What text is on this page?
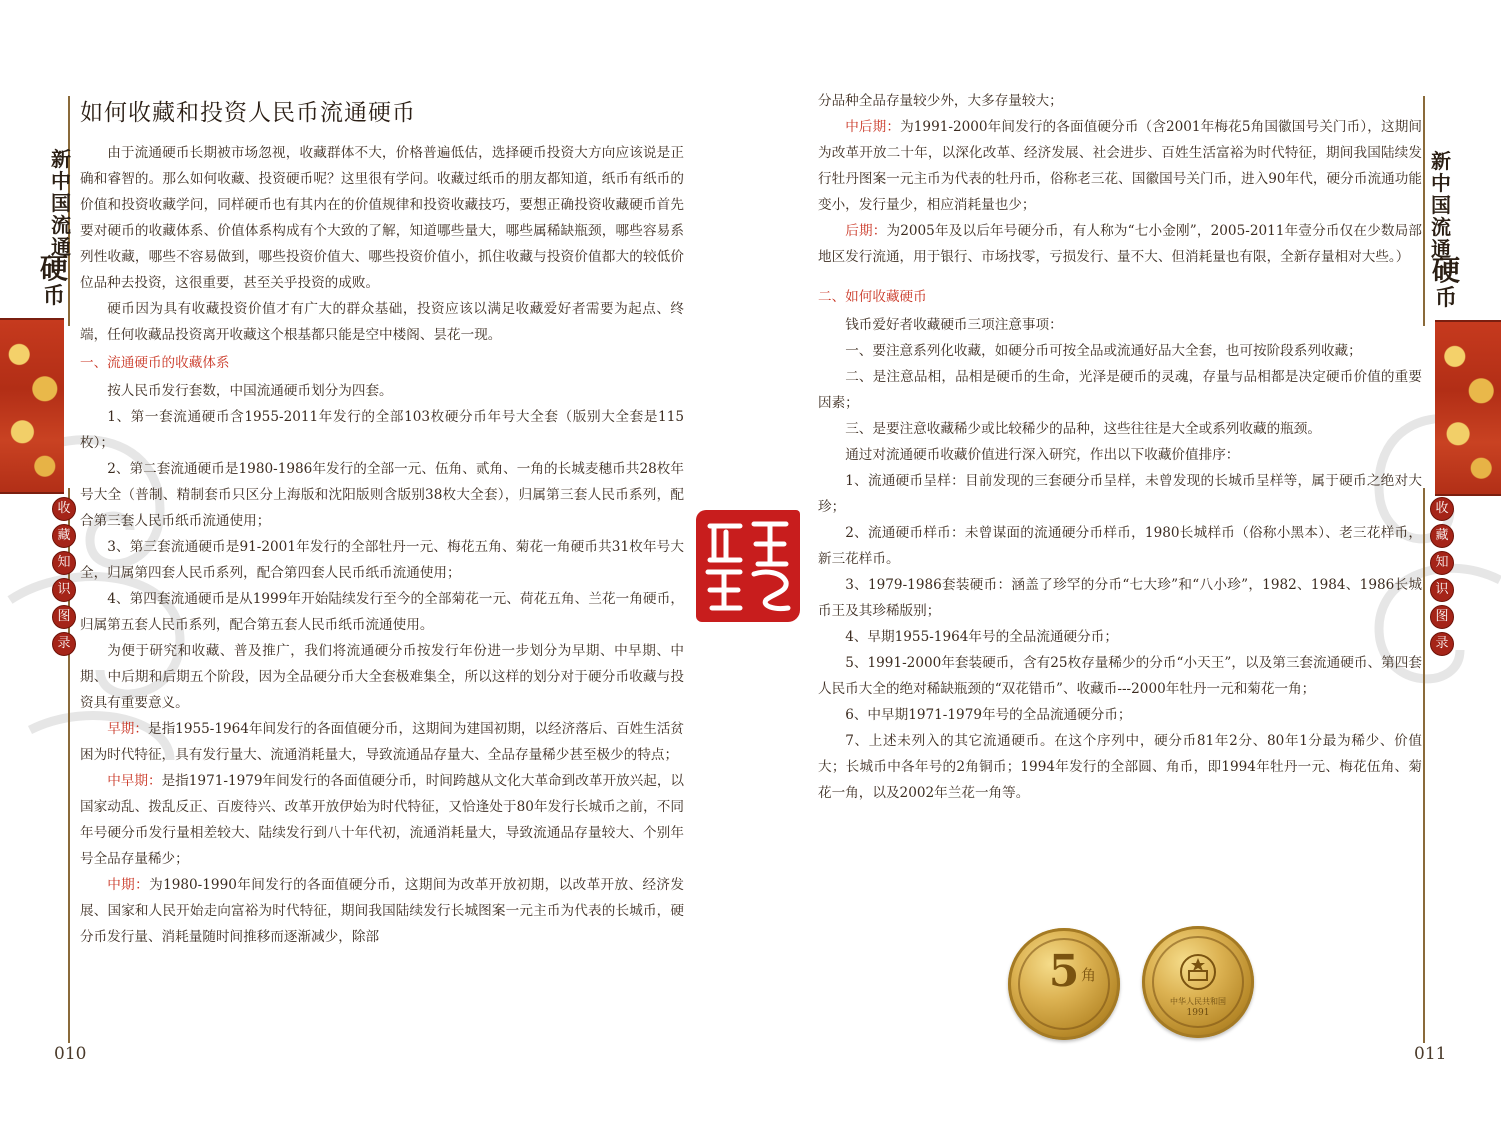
新
中
国
流
通
硬
币
收
藏
知
识
图
录
如何收藏和投资人民币流通硬币

由于流通硬币长期被市场忽视，收藏群体不大，价格普遍低估，选择硬币投资大方向应该说是正确和睿智的。那么如何收藏、投资硬币呢？这里很有学问。收藏过纸币的朋友都知道，纸币有纸币的价值和投资收藏学问，同样硬币也有其内在的价值规律和投资收藏技巧，要想正确投资收藏硬币首先要对硬币的收藏体系、价值体系构成有个大致的了解，知道哪些量大，哪些属稀缺瓶颈，哪些容易系列性收藏，哪些不容易做到，哪些投资价值大、哪些投资价值小，抓住收藏与投资价值都大的较低价位品种去投资，这很重要，甚至关乎投资的成败。

硬币因为具有收藏投资价值才有广大的群众基础，投资应该以满足收藏爱好者需要为起点、终端，任何收藏品投资离开收藏这个根基都只能是空中楼阁、昙花一现。

一、流通硬币的收藏体系

按人民币发行套数，中国流通硬币划分为四套。

1、第一套流通硬币含1955-2011年发行的全部103枚硬分币年号大全套（版别大全套是115枚）；

2、第二套流通硬币是1980-1986年发行的全部一元、伍角、贰角、一角的长城麦穗币共28枚年号大全（普制、精制套币只区分上海版和沈阳版则含版别38枚大全套），归属第三套人民币系列，配合第三套人民币纸币流通使用；

3、第三套流通硬币是91-2001年发行的全部牡丹一元、梅花五角、菊花一角硬币共31枚年号大全，归属第四套人民币系列，配合第四套人民币纸币流通使用；

4、第四套流通硬币是从1999年开始陆续发行至今的全部菊花一元、荷花五角、兰花一角硬币，归属第五套人民币系列，配合第五套人民币纸币流通使用。

为便于研究和收藏、普及推广，我们将流通硬分币按发行年份进一步划分为早期、中早期、中期、中后期和后期五个阶段，因为全品硬分币大全套极难集全，所以这样的划分对于硬分币收藏与投资具有重要意义。

早期：是指1955-1964年间发行的各面值硬分币，这期间为建国初期，以经济落后、百姓生活贫困为时代特征，具有发行量大、流通消耗量大，导致流通品存量大、全品存量稀少甚至极少的特点；

中早期：是指1971-1979年间发行的各面值硬分币，时间跨越从文化大革命到改革开放兴起，以国家动乱、拨乱反正、百废待兴、改革开放伊始为时代特征，又恰逢处于80年发行长城币之前，不同年号硬分币发行量相差较大、陆续发行到八十年代初，流通消耗量大，导致流通品存量较大、个别年号全品存量稀少；

中期：为1980-1990年间发行的各面值硬分币，这期间为改革开放初期，以改革开放、经济发展、国家和人民开始走向富裕为时代特征，期间我国陆续发行长城图案一元主币为代表的长城币，硬分币发行量、消耗量随时间推移而逐渐减少，除部

010

分品种全品存量较少外，大多存量较大；

中后期：为1991-2000年间发行的各面值硬分币（含2001年梅花5角国徽国号关门币），这期间为改革开放二十年，以深化改革、经济发展、社会进步、百姓生活富裕为时代特征，期间我国陆续发行牡丹图案一元主币为代表的牡丹币，俗称老三花、国徽国号关门币，进入90年代，硬分币流通功能变小，发行量少，相应消耗量也少；

后期：为2005年及以后年号硬分币，有人称为“七小金刚”，2005-2011年壹分币仅在少数局部地区发行流通，用于银行、市场找零，亏损发行、量不大、但消耗量也有限，全新存量相对大些。）

二、如何收藏硬币

钱币爱好者收藏硬币三项注意事项：

一、要注意系列化收藏，如硬分币可按全品或流通好品大全套，也可按阶段系列收藏；

二、是注意品相，品相是硬币的生命，光泽是硬币的灵魂，存量与品相都是决定硬币价值的重要因素；

三、是要注意收藏稀少或比较稀少的品种，这些往往是大全或系列收藏的瓶颈。

通过对流通硬币收藏价值进行深入研究，作出以下收藏价值排序：

1、流通硬币呈样：目前发现的三套硬分币呈样，未曾发现的长城币呈样等，属于硬币之绝对大珍；

2、流通硬币样币：未曾谋面的流通硬分币样币，1980长城样币（俗称小黑本）、老三花样币，新三花样币。

3、1979-1986套装硬币：涵盖了珍罕的分币“七大珍”和“八小珍”，1982、1984、1986长城币王及其珍稀版别；

4、早期1955-1964年号的全品流通硬分币；

5、1991-2000年套装硬币，含有25枚存量稀少的分币“小天王”，以及第三套流通硬币、第四套人民币大全的绝对稀缺瓶颈的“双花错币”、收藏币---2000年牡丹一元和菊花一角；

6、中早期1971-1979年号的全品流通硬分币；

7、上述未列入的其它流通硬币。在这个序列中，硬分币81年2分、80年1分最为稀少、价值大；长城币中各年号的2角铜币；1994年发行的全部圆、角币，即1994年牡丹一元、梅花伍角、菊花一角，以及2002年兰花一角等。

5 角
中华人民共和国
1991
新
中
国
流
通
硬
币
收
藏
知
识
图
录
011
